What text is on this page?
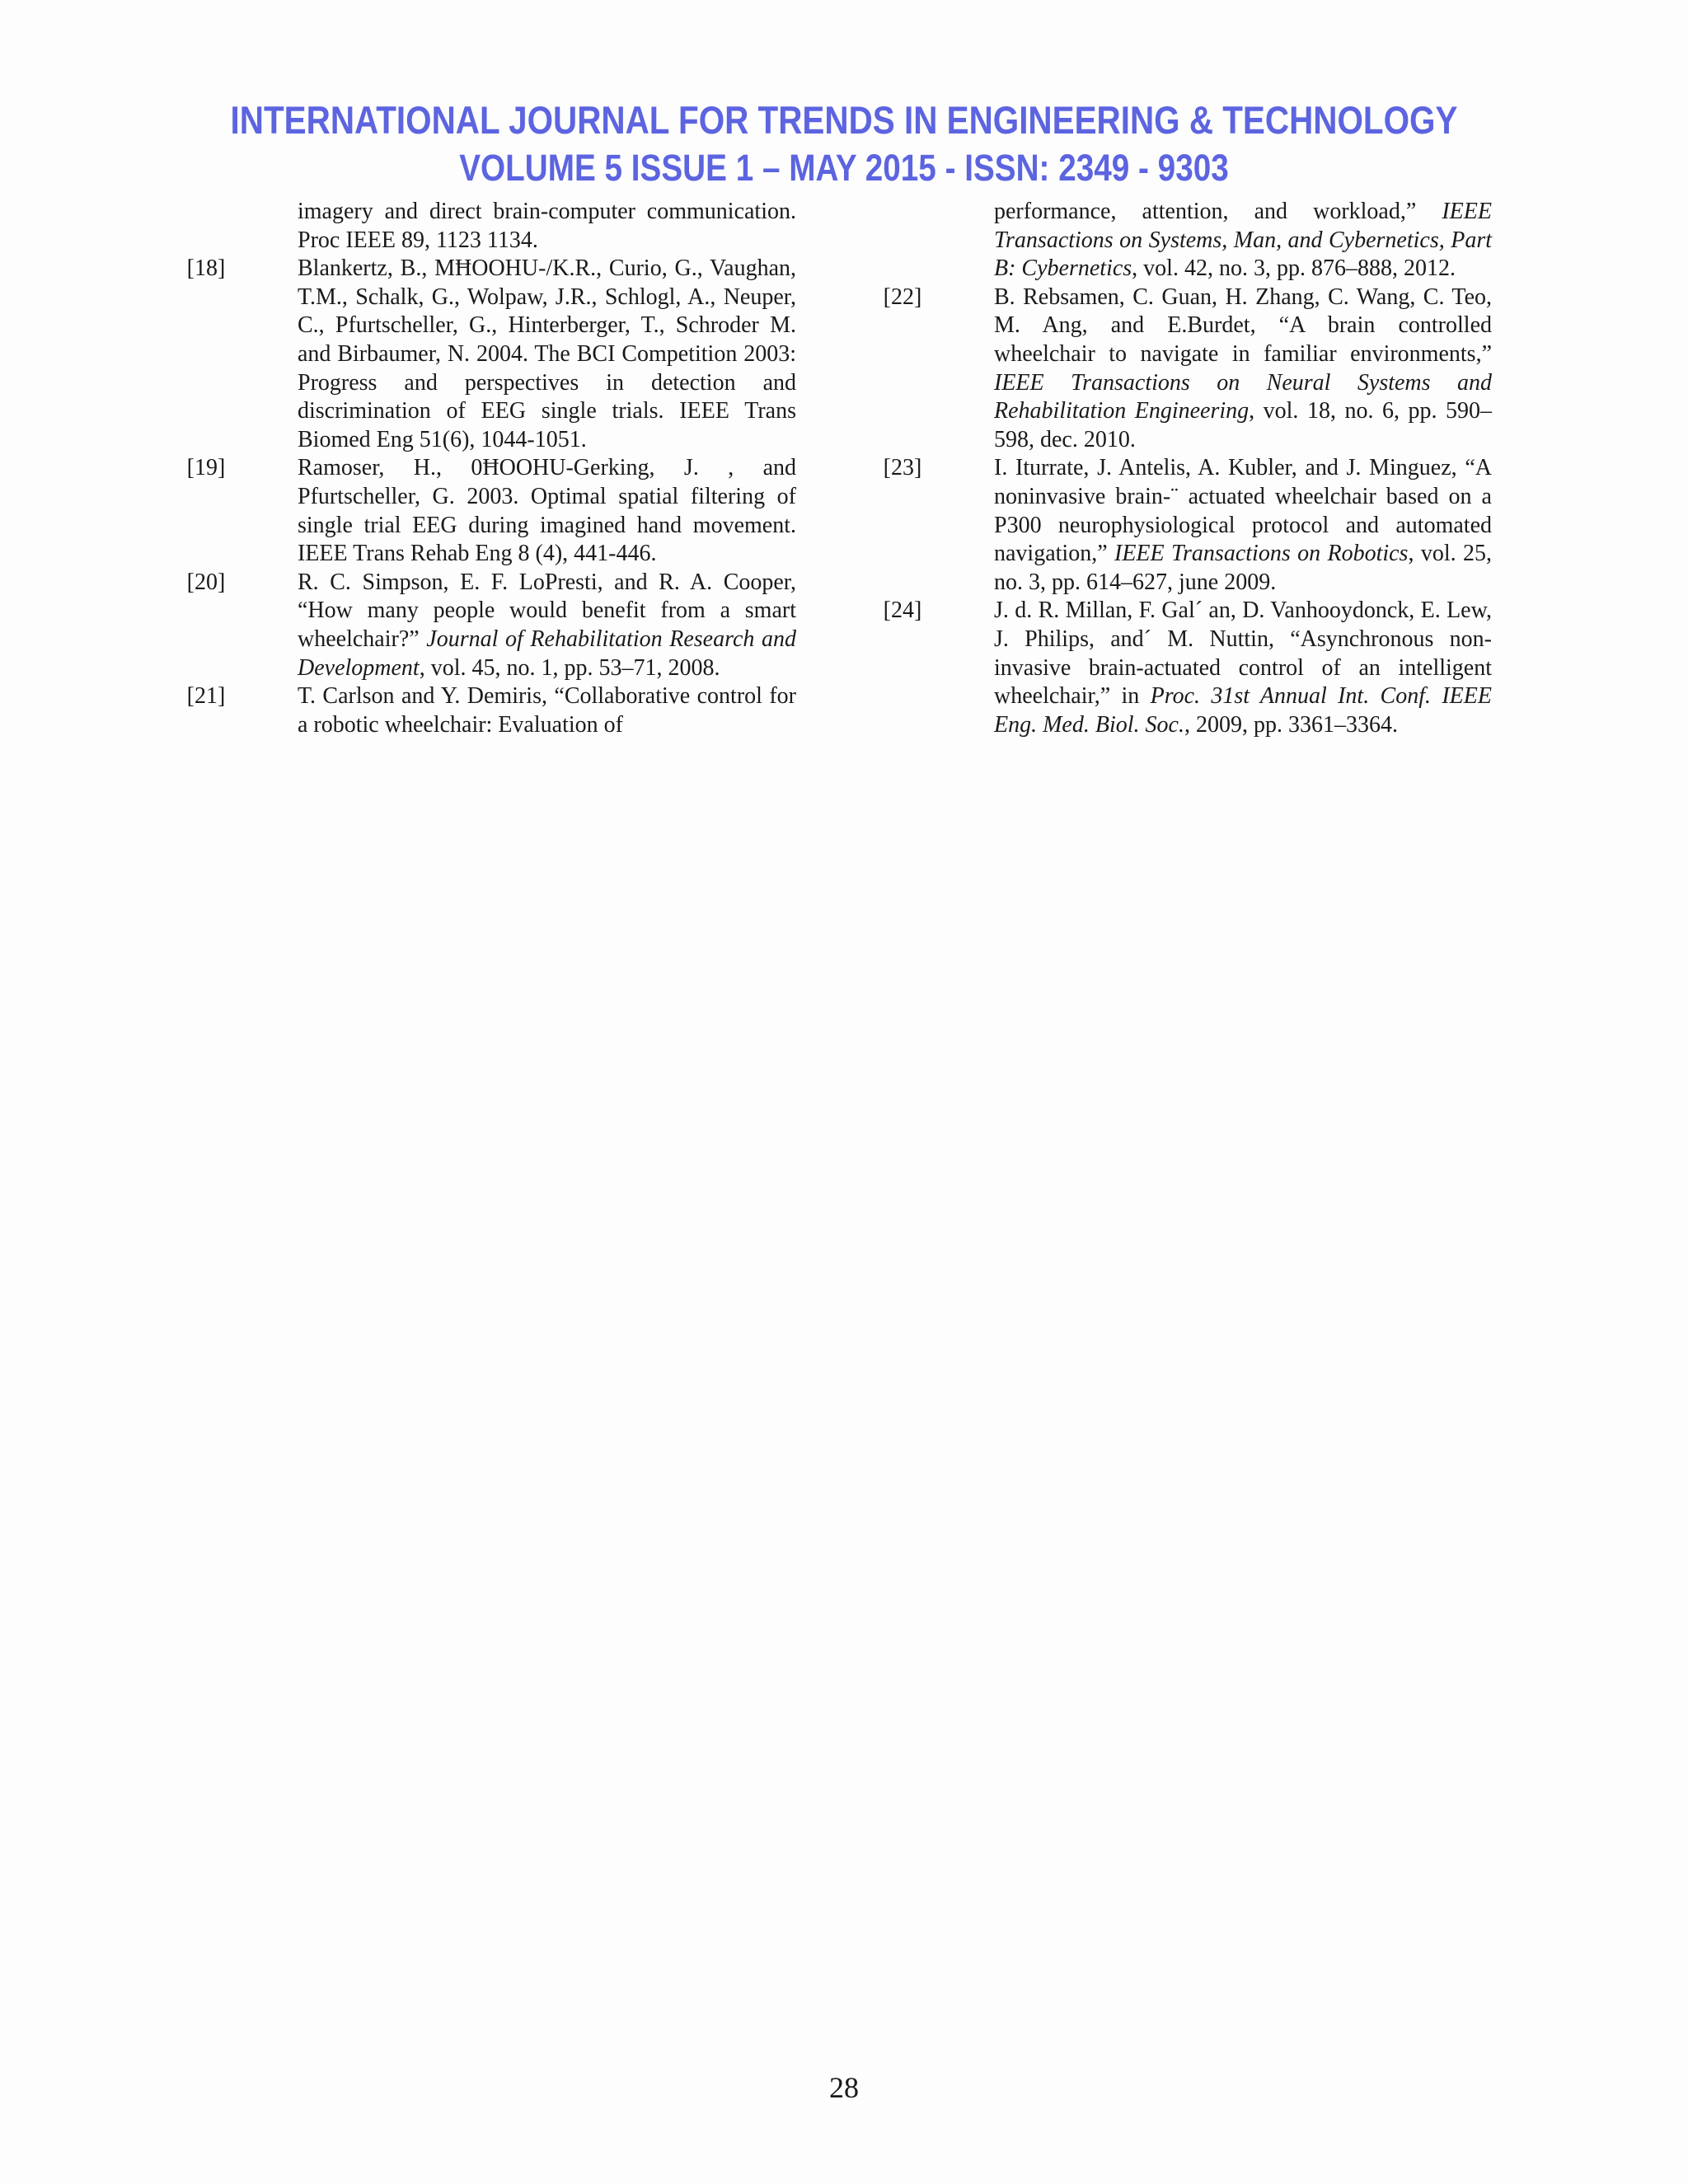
INTERNATIONAL JOURNAL FOR TRENDS IN ENGINEERING & TECHNOLOGY
VOLUME 5 ISSUE 1 – MAY 2015 - ISSN: 2349 - 9303
imagery and direct brain-computer communication. Proc IEEE 89, 1123 1134.
[18]	Blankertz, B., MĦOOHU-/K.R., Curio, G., Vaughan, T.M., Schalk, G., Wolpaw, J.R., Schlogl, A., Neuper, C., Pfurtscheller, G., Hinterberger, T., Schroder M. and Birbaumer, N. 2004. The BCI Competition 2003: Progress and perspectives in detection and discrimination of EEG single trials. IEEE Trans Biomed Eng 51(6), 1044-1051.
[19]	Ramoser, H., 0ĦOOHU-Gerking, J. , and Pfurtscheller, G. 2003. Optimal spatial filtering of single trial EEG during imagined hand movement. IEEE Trans Rehab Eng 8 (4), 441-446.
[20]	R. C. Simpson, E. F. LoPresti, and R. A. Cooper, “How many people would benefit from a smart wheelchair?” Journal of Rehabilitation Research and Development, vol. 45, no. 1, pp. 53–71, 2008.
[21]	T. Carlson and Y. Demiris, “Collaborative control for a robotic wheelchair: Evaluation of
performance, attention, and workload,” IEEE Transactions on Systems, Man, and Cybernetics, Part B: Cybernetics, vol. 42, no. 3, pp. 876–888, 2012.
[22]	B. Rebsamen, C. Guan, H. Zhang, C. Wang, C. Teo, M. Ang, and E.Burdet, “A brain controlled wheelchair to navigate in familiar environments,” IEEE Transactions on Neural Systems and Rehabilitation Engineering, vol. 18, no. 6, pp. 590–598, dec. 2010.
[23]	I. Iturrate, J. Antelis, A. Kubler, and J. Minguez, “A noninvasive brain-¨ actuated wheelchair based on a P300 neurophysiological protocol and automated navigation,” IEEE Transactions on Robotics, vol. 25, no. 3, pp. 614–627, june 2009.
[24]	J. d. R. Millan, F. Gal´ an, D. Vanhooydonck, E. Lew, J. Philips, and´ M. Nuttin, “Asynchronous non-invasive brain-actuated control of an intelligent wheelchair,” in Proc. 31st Annual Int. Conf. IEEE Eng. Med. Biol. Soc., 2009, pp. 3361–3364.
28
